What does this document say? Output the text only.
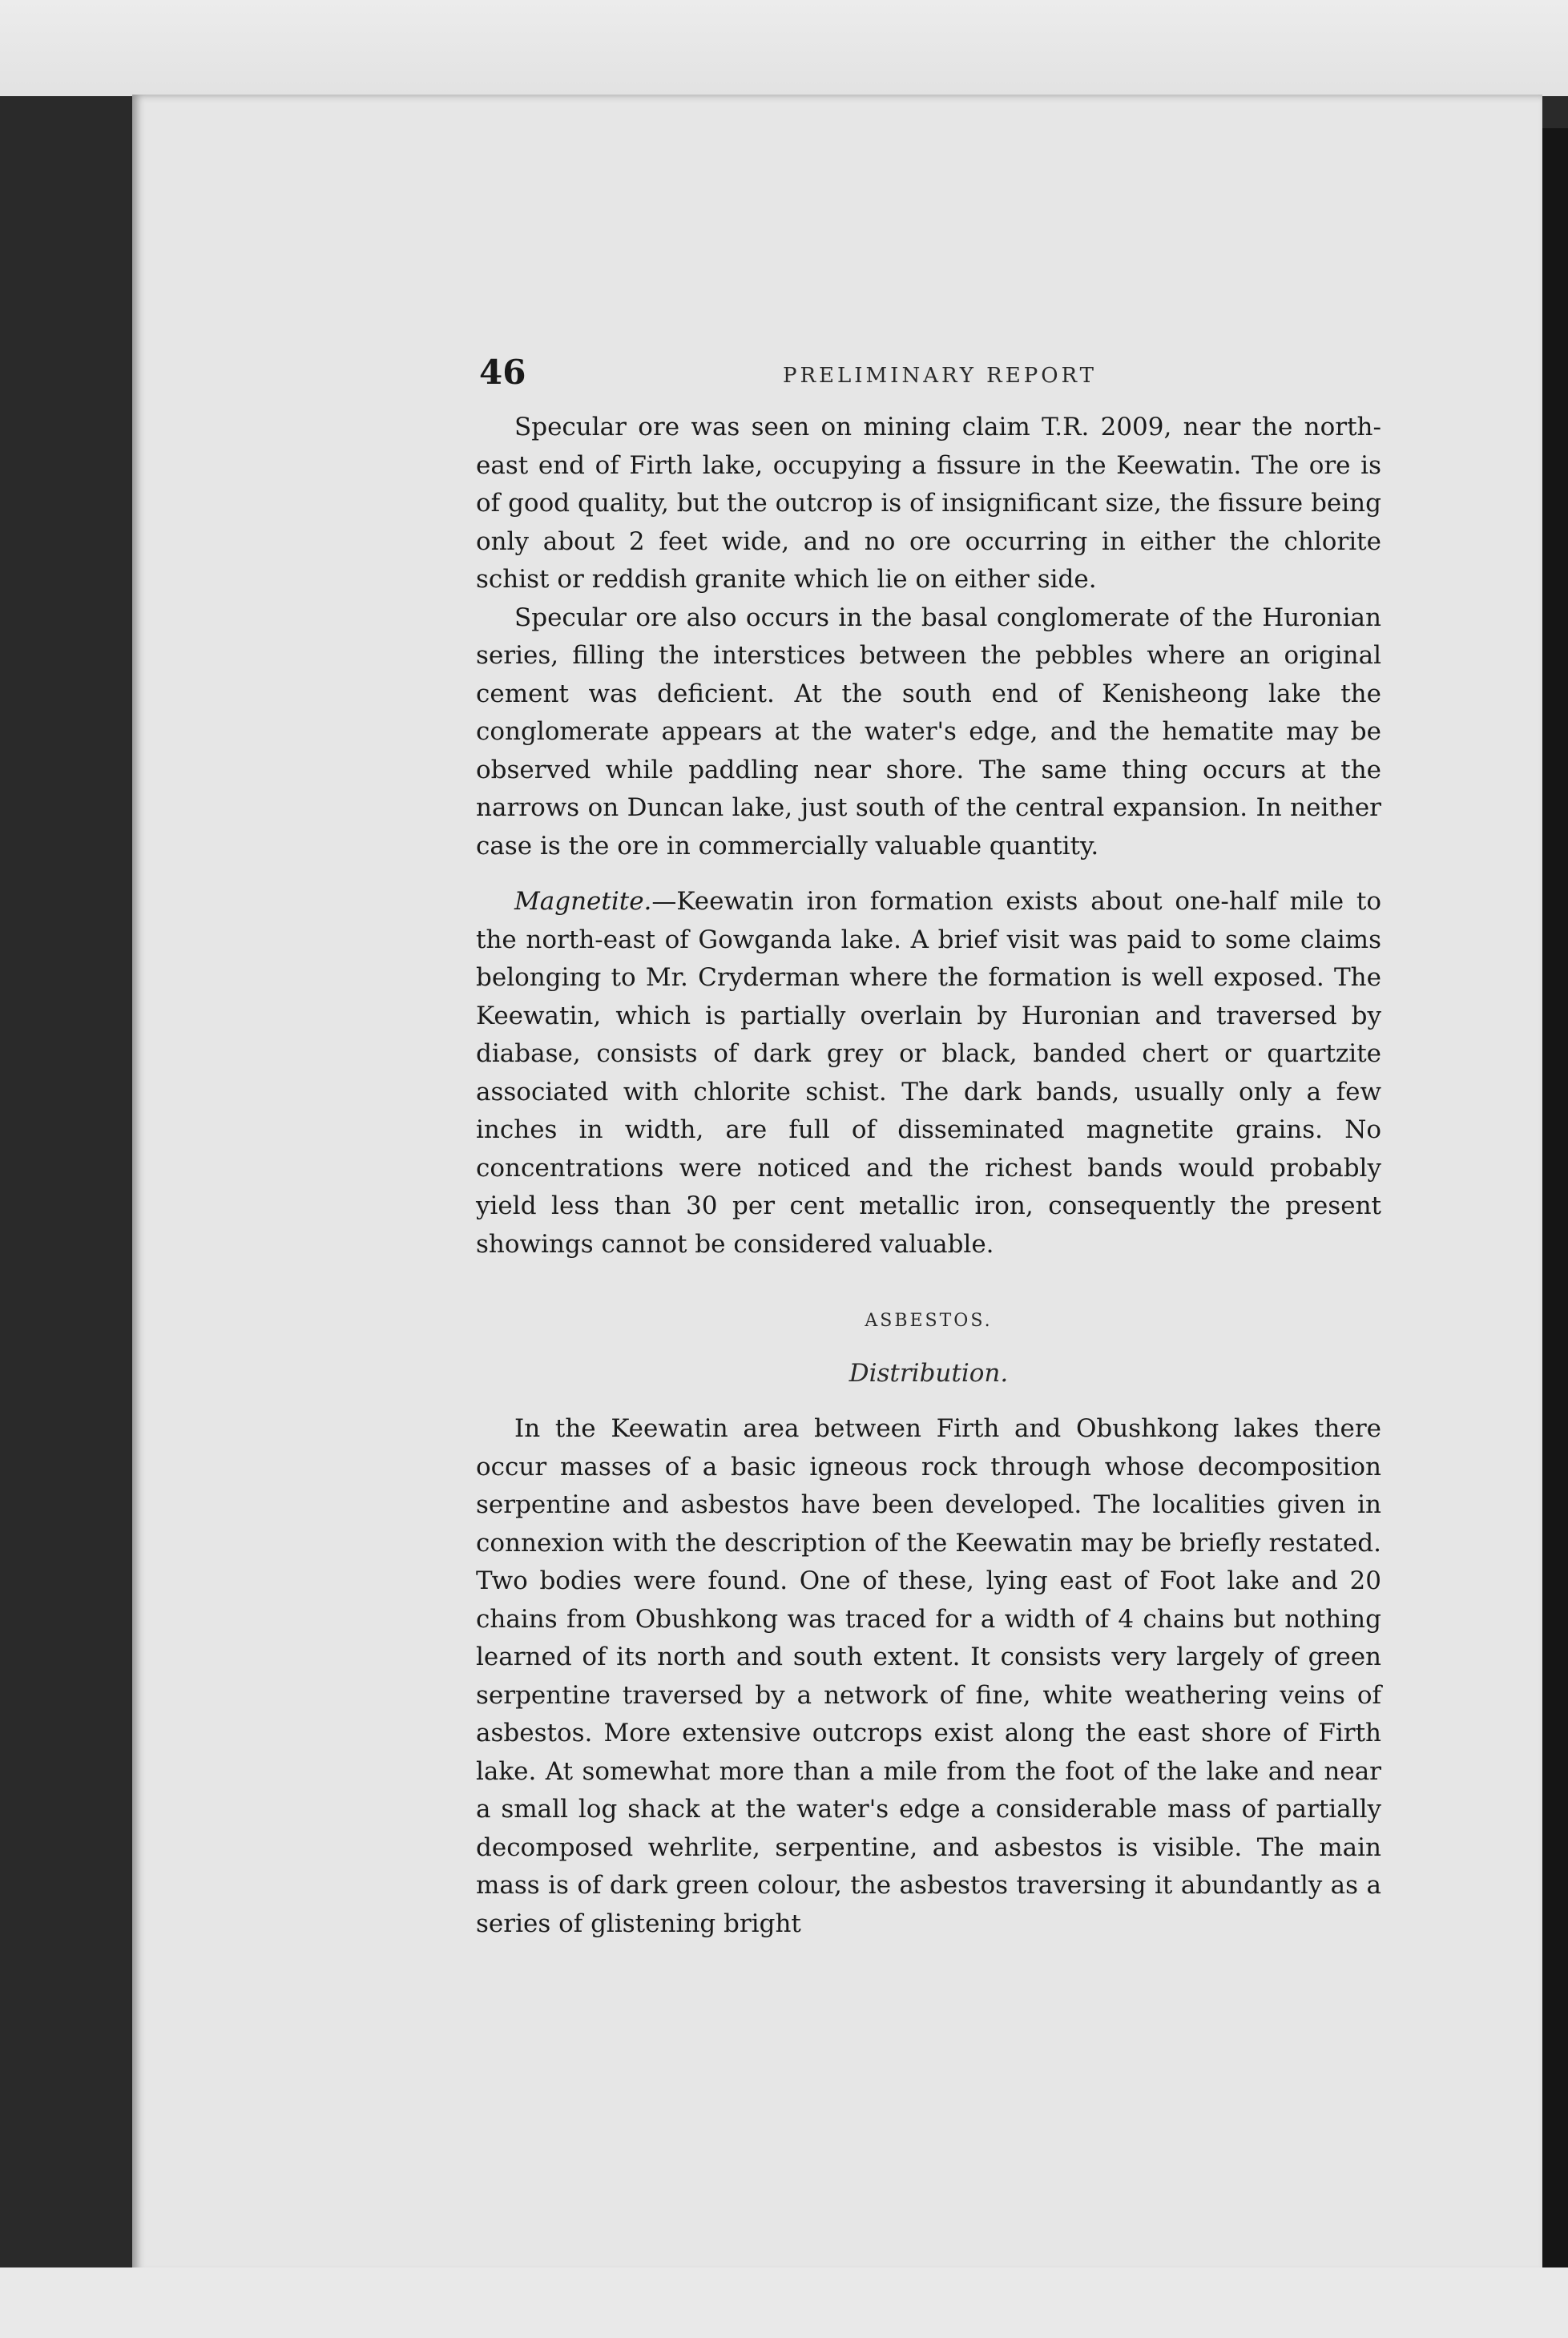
46	PRELIMINARY REPORT

Specular ore was seen on mining claim T.R. 2009, near the north-east end of Firth lake, occupying a fissure in the Keewatin. The ore is of good quality, but the outcrop is of insignificant size, the fissure being only about 2 feet wide, and no ore occurring in either the chlorite schist or reddish granite which lie on either side.

Specular ore also occurs in the basal conglomerate of the Huronian series, filling the interstices between the pebbles where an original cement was deficient. At the south end of Kenisheong lake the conglomerate appears at the water's edge, and the hematite may be observed while paddling near shore. The same thing occurs at the narrows on Duncan lake, just south of the central expansion. In neither case is the ore in commercially valuable quantity.

Magnetite.—Keewatin iron formation exists about one-half mile to the north-east of Gowganda lake. A brief visit was paid to some claims belonging to Mr. Cryderman where the formation is well exposed. The Keewatin, which is partially overlain by Huronian and traversed by diabase, consists of dark grey or black, banded chert or quartzite associated with chlorite schist. The dark bands, usually only a few inches in width, are full of disseminated magnetite grains. No concentrations were noticed and the richest bands would probably yield less than 30 per cent metallic iron, consequently the present showings cannot be considered valuable.

ASBESTOS.
Distribution.

In the Keewatin area between Firth and Obushkong lakes there occur masses of a basic igneous rock through whose decomposition serpentine and asbestos have been developed. The localities given in connexion with the description of the Keewatin may be briefly restated. Two bodies were found. One of these, lying east of Foot lake and 20 chains from Obushkong was traced for a width of 4 chains but nothing learned of its north and south extent. It consists very largely of green serpentine traversed by a network of fine, white weathering veins of asbestos. More extensive outcrops exist along the east shore of Firth lake. At somewhat more than a mile from the foot of the lake and near a small log shack at the water's edge a considerable mass of partially decomposed wehrlite, serpentine, and asbestos is visible. The main mass is of dark green colour, the asbestos traversing it abundantly as a series of glistening bright
